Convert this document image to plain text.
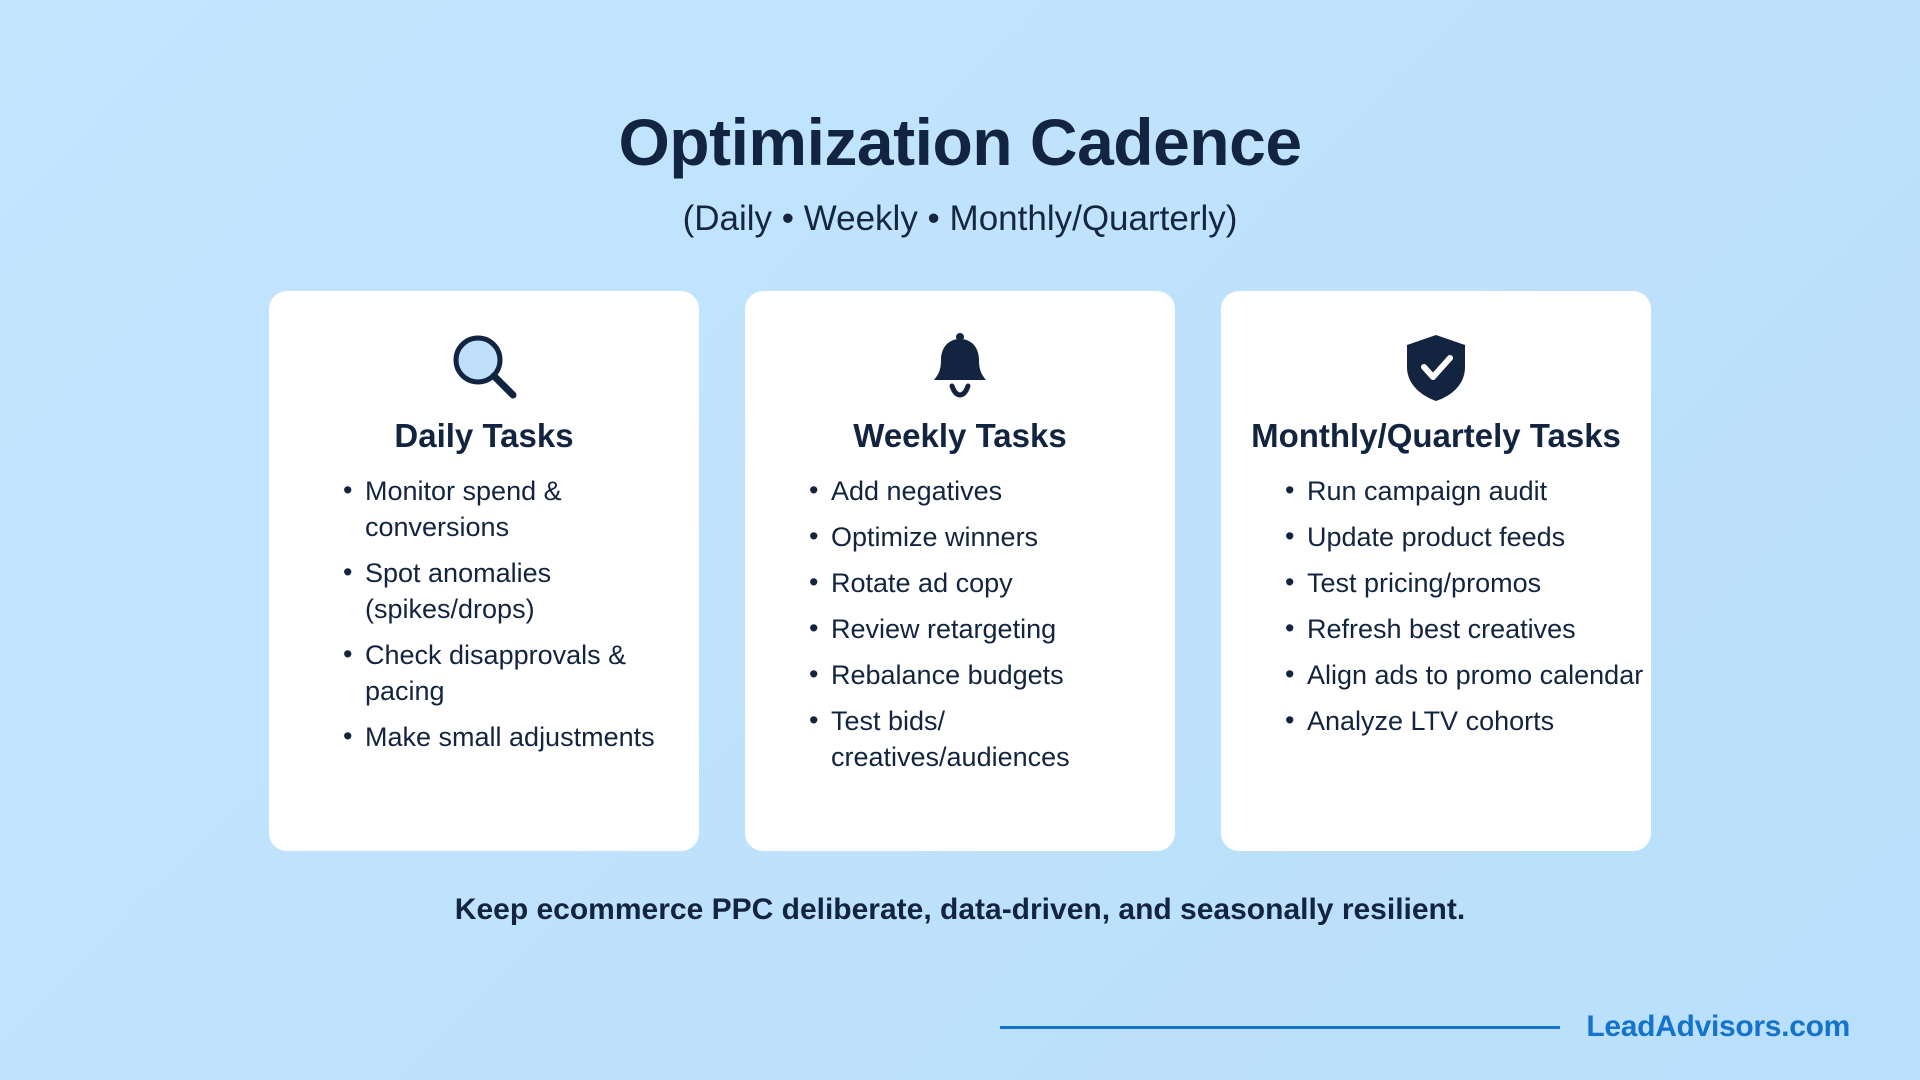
Optimization Cadence
(Daily • Weekly • Monthly/Quarterly)
Daily Tasks
• Monitor spend & conversions
• Spot anomalies (spikes/drops)
• Check disapprovals & pacing
• Make small adjustments
Weekly Tasks
• Add negatives
• Optimize winners
• Rotate ad copy
• Review retargeting
• Rebalance budgets
• Test bids/ creatives/audiences
Monthly/Quartely Tasks
• Run campaign audit
• Update product feeds
• Test pricing/promos
• Refresh best creatives
• Align ads to promo calendar
• Analyze LTV cohorts
Keep ecommerce PPC deliberate, data-driven, and seasonally resilient.
LeadAdvisors.com
